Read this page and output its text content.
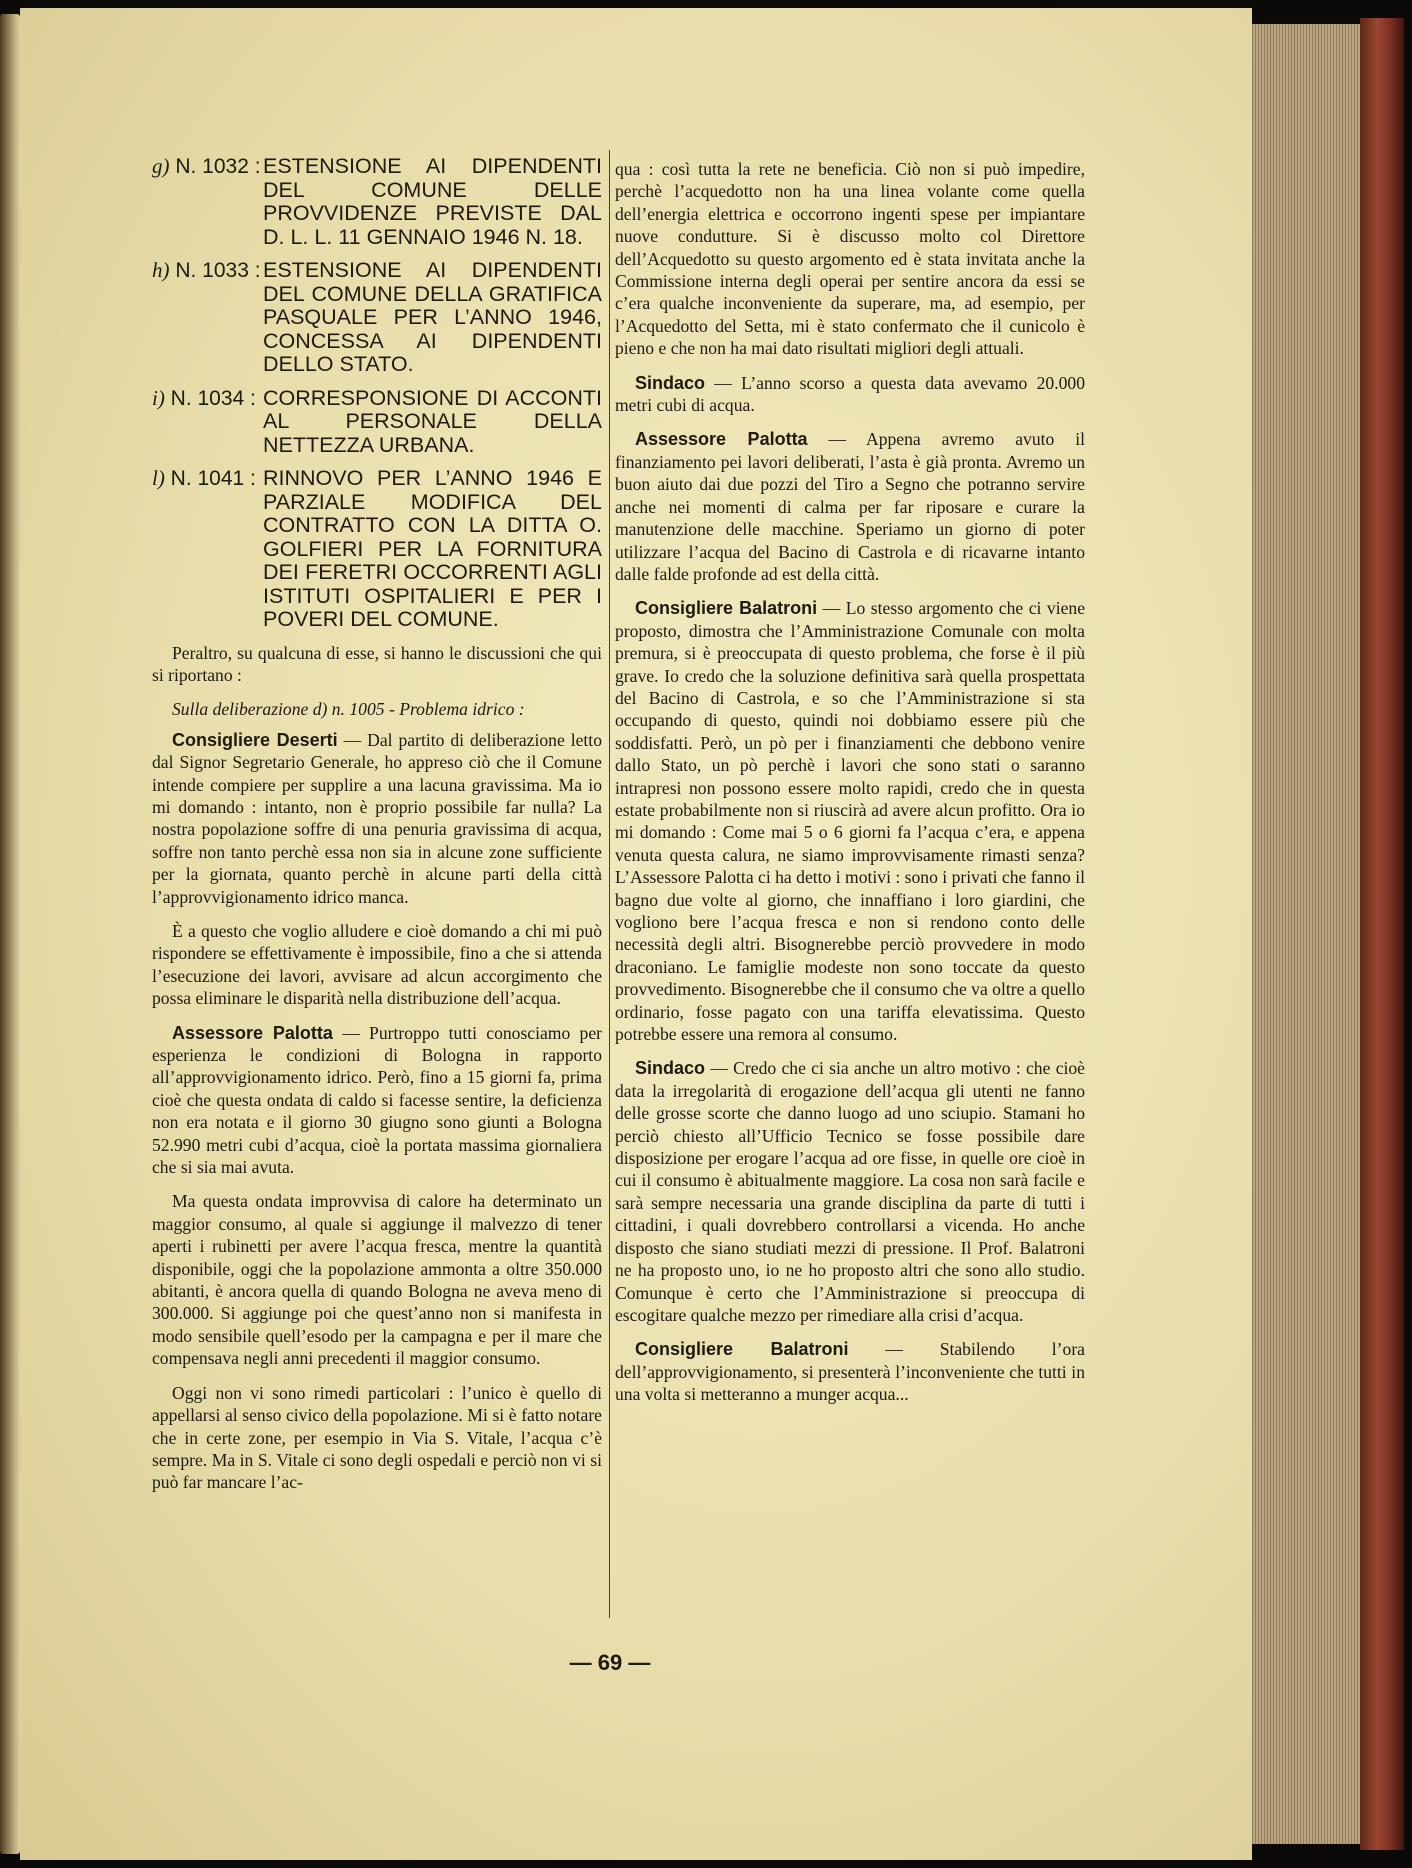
g) N. 1032 : ESTENSIONE AI DIPENDENTI DEL COMUNE DELLE PROVVIDENZE PREVISTE DAL D. L. L. 11 GENNAIO 1946 N. 18.
h) N. 1033 : ESTENSIONE AI DIPENDENTI DEL COMUNE DELLA GRATIFICA PASQUALE PER L’ANNO 1946, CONCESSA AI DIPENDENTI DELLO STATO.
i) N. 1034 : CORRESPONSIONE DI ACCONTI AL PERSONALE DELLA NETTEZZA URBANA.
l) N. 1041 : RINNOVO PER L’ANNO 1946 E PARZIALE MODIFICA DEL CONTRATTO CON LA DITTA O. GOLFIERI PER LA FORNITURA DEI FERETRI OCCORRENTI AGLI ISTITUTI OSPITALIERI E PER I POVERI DEL COMUNE.

Peraltro, su qualcuna di esse, si hanno le discussioni che qui si riportano :

Sulla deliberazione d) n. 1005 - Problema idrico :

Consigliere Deserti — Dal partito di deliberazione letto dal Signor Segretario Generale, ho appreso ciò che il Comune intende compiere per supplire a una lacuna gravissima. Ma io mi domando : intanto, non è proprio possibile far nulla? La nostra popolazione soffre di una penuria gravissima di acqua, soffre non tanto perchè essa non sia in alcune zone sufficiente per la giornata, quanto perchè in alcune parti della città l’approvvigionamento idrico manca.

È a questo che voglio alludere e cioè domando a chi mi può rispondere se effettivamente è impossibile, fino a che si attenda l’esecuzione dei lavori, avvisare ad alcun accorgimento che possa eliminare le disparità nella distribuzione dell’acqua.

Assessore Palotta — Purtroppo tutti conosciamo per esperienza le condizioni di Bologna in rapporto all’approvvigionamento idrico. Però, fino a 15 giorni fa, prima cioè che questa ondata di caldo si facesse sentire, la deficienza non era notata e il giorno 30 giugno sono giunti a Bologna 52.990 metri cubi d’acqua, cioè la portata massima giornaliera che si sia mai avuta.

Ma questa ondata improvvisa di calore ha determinato un maggior consumo, al quale si aggiunge il malvezzo di tener aperti i rubinetti per avere l’acqua fresca, mentre la quantità disponibile, oggi che la popolazione ammonta a oltre 350.000 abitanti, è ancora quella di quando Bologna ne aveva meno di 300.000. Si aggiunge poi che quest’anno non si manifesta in modo sensibile quell’esodo per la campagna e per il mare che compensava negli anni precedenti il maggior consumo.

Oggi non vi sono rimedi particolari : l’unico è quello di appellarsi al senso civico della popolazione. Mi si è fatto notare che in certe zone, per esempio in Via S. Vitale, l’acqua c’è sempre. Ma in S. Vitale ci sono degli ospedali e perciò non vi si può far mancare l’ac-

qua : così tutta la rete ne beneficia. Ciò non si può impedire, perchè l’acquedotto non ha una linea volante come quella dell’energia elettrica e occorrono ingenti spese per impiantare nuove condutture. Si è discusso molto col Direttore dell’Acquedotto su questo argomento ed è stata invitata anche la Commissione interna degli operai per sentire ancora da essi se c’era qualche inconveniente da superare, ma, ad esempio, per l’Acquedotto del Setta, mi è stato confermato che il cunicolo è pieno e che non ha mai dato risultati migliori degli attuali.

Sindaco — L’anno scorso a questa data avevamo 20.000 metri cubi di acqua.

Assessore Palotta — Appena avremo avuto il finanziamento pei lavori deliberati, l’asta è già pronta. Avremo un buon aiuto dai due pozzi del Tiro a Segno che potranno servire anche nei momenti di calma per far riposare e curare la manutenzione delle macchine. Speriamo un giorno di poter utilizzare l’acqua del Bacino di Castrola e di ricavarne intanto dalle falde profonde ad est della città.

Consigliere Balatroni — Lo stesso argomento che ci viene proposto, dimostra che l’Amministrazione Comunale con molta premura, si è preoccupata di questo problema, che forse è il più grave. Io credo che la soluzione definitiva sarà quella prospettata del Bacino di Castrola, e so che l’Amministrazione si sta occupando di questo, quindi noi dobbiamo essere più che soddisfatti. Però, un pò per i finanziamenti che debbono venire dallo Stato, un pò perchè i lavori che sono stati o saranno intrapresi non possono essere molto rapidi, credo che in questa estate probabilmente non si riuscirà ad avere alcun profitto. Ora io mi domando : Come mai 5 o 6 giorni fa l’acqua c’era, e appena venuta questa calura, ne siamo improvvisamente rimasti senza? L’Assessore Palotta ci ha detto i motivi : sono i privati che fanno il bagno due volte al giorno, che innaffiano i loro giardini, che vogliono bere l’acqua fresca e non si rendono conto delle necessità degli altri. Bisognerebbe perciò provvedere in modo draconiano. Le famiglie modeste non sono toccate da questo provvedimento. Bisognerebbe che il consumo che va oltre a quello ordinario, fosse pagato con una tariffa elevatissima. Questo potrebbe essere una remora al consumo.

Sindaco — Credo che ci sia anche un altro motivo : che cioè data la irregolarità di erogazione dell’acqua gli utenti ne fanno delle grosse scorte che danno luogo ad uno sciupio. Stamani ho perciò chiesto all’Ufficio Tecnico se fosse possibile dare disposizione per erogare l’acqua ad ore fisse, in quelle ore cioè in cui il consumo è abitualmente maggiore. La cosa non sarà facile e sarà sempre necessaria una grande disciplina da parte di tutti i cittadini, i quali dovrebbero controllarsi a vicenda. Ho anche disposto che siano studiati mezzi di pressione. Il Prof. Balatroni ne ha proposto uno, io ne ho proposto altri che sono allo studio. Comunque è certo che l’Amministrazione si preoccupa di escogitare qualche mezzo per rimediare alla crisi d’acqua.

Consigliere Balatroni — Stabilendo l’ora dell’approvvigionamento, si presenterà l’inconveniente che tutti in una volta si metteranno a munger acqua...

— 69 —
